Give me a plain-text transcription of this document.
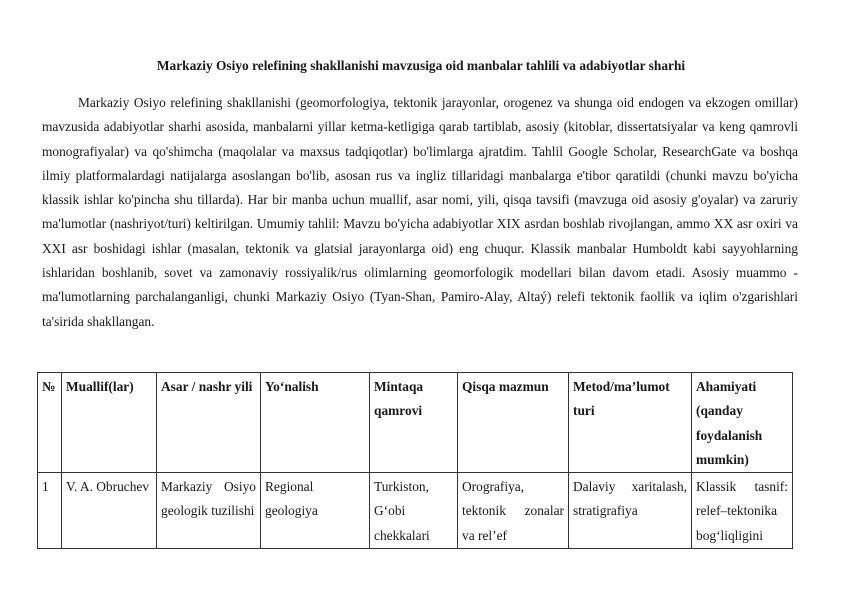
Markaziy Osiyo relefining shakllanishi mavzusiga oid manbalar tahlili va adabiyotlar sharhi

Markaziy Osiyo relefining shakllanishi (geomorfologiya, tektonik jarayonlar, orogenez va shunga oid endogen va ekzogen omillar) mavzusida adabiyotlar sharhi asosida, manbalarni yillar ketma-ketligiga qarab tartiblab, asosiy (kitoblar, dissertatsiyalar va keng qamrovli monografiyalar) va qo'shimcha (maqolalar va maxsus tadqiqotlar) bo'limlarga ajratdim. Tahlil Google Scholar, ResearchGate va boshqa ilmiy platformalardagi natijalarga asoslangan bo'lib, asosan rus va ingliz tillaridagi manbalarga e'tibor qaratildi (chunki mavzu bo'yicha klassik ishlar ko'pincha shu tillarda). Har bir manba uchun muallif, asar nomi, yili, qisqa tavsifi (mavzuga oid asosiy g'oyalar) va zaruriy ma'lumotlar (nashriyot/turi) keltirilgan. Umumiy tahlil: Mavzu bo'yicha adabiyotlar XIX asrdan boshlab rivojlangan, ammo XX asr oxiri va XXI asr boshidagi ishlar (masalan, tektonik va glatsial jarayonlarga oid) eng chuqur. Klassik manbalar Humboldt kabi sayyohlarning ishlaridan boshlanib, sovet va zamonaviy rossiyalik/rus olimlarning geomorfologik modellari bilan davom etadi. Asosiy muammo - ma'lumotlarning parchalanganligi, chunki Markaziy Osiyo (Tyan-Shan, Pamiro-Alay, Altaý) relefi tektonik faollik va iqlim o'zgarishlari ta'sirida shakllangan.

№	Muallif(lar)	Asar / nashr yili	Yo‘nalish	Mintaqa qamrovi	Qisqa mazmun	Metod/ma’lumot turi	Ahamiyati (qanday foydalanish mumkin)
1	V. A. Obruchev	Markaziy Osiyo geologik tuzilishi	Regional geologiya	Turkiston, G‘obi chekkalari	Orografiya, tektonik zonalar va rel’ef	Dalaviy xaritalash, stratigrafiya	Klassik tasnif: relef–tektonika bog‘liqligini
